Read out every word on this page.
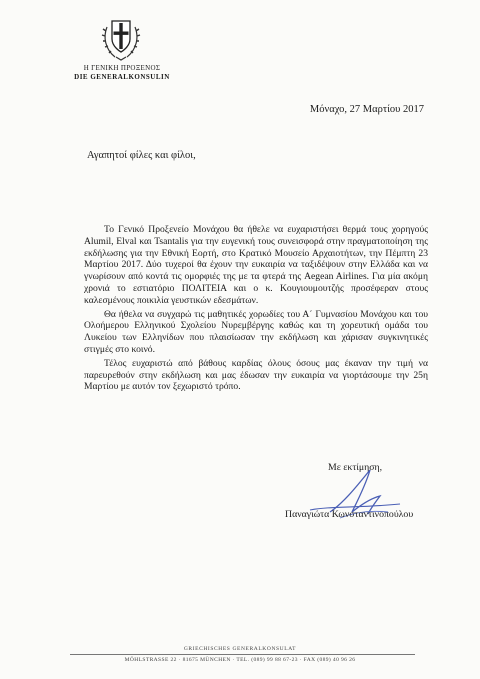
Η ΓΕΝΙΚΗ ΠΡΟΞΕΝΟΣ
DIE GENERALKONSULIN
Μόναχο, 27 Μαρτίου 2017
Αγαπητοί φίλες και φίλοι,

Το Γενικό Προξενείο Μονάχου θα ήθελε να ευχαριστήσει θερμά τους χορηγούς Alumil, Elval και Tsantalis για την ευγενική τους συνεισφορά στην πραγματοποίηση της εκδήλωσης για την Εθνική Εορτή, στο Κρατικό Μουσείο Αρχαιοτήτων, την Πέμπτη 23 Μαρτίου 2017. Δύο τυχεροί θα έχουν την ευκαιρία να ταξιδέψουν στην Ελλάδα και να γνωρίσουν από κοντά τις ομορφιές της με τα φτερά της Aegean Airlines. Για μία ακόμη χρονιά το εστιατόριο ΠΟΛΙΤΕΙΑ και ο κ. Κουγιουμουτζής προσέφεραν στους καλεσμένους ποικιλία γευστικών εδεσμάτων.

Θα ήθελα να συγχαρώ τις μαθητικές χορωδίες του Α΄ Γυμνασίου Μονάχου και του Ολοήμερου Ελληνικού Σχολείου Νυρεμβέργης καθώς και τη χορευτική ομάδα του Λυκείου των Ελληνίδων που πλαισίωσαν την εκδήλωση και χάρισαν συγκινητικές στιγμές στο κοινό.

Τέλος ευχαριστώ από βάθους καρδίας όλους όσους μας έκαναν την τιμή να παρευρεθούν στην εκδήλωση και μας έδωσαν την ευκαιρία να γιορτάσουμε την 25η Μαρτίου με αυτόν τον ξεχωριστό τρόπο.

Με εκτίμηση,
Παναγιώτα Κωνσταντινοπούλου
GRIECHISCHES GENERALKONSULAT
MÖHLSTRASSE 22 · 81675 MÜNCHEN · TEL. (089) 99 88 67-23 · FAX (089) 40 96 26
